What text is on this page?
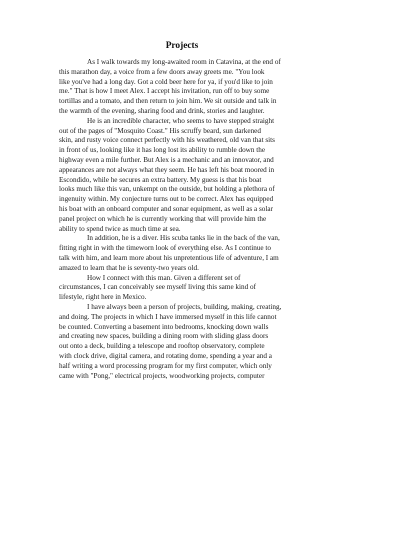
Projects
As I walk towards my long-awaited room in Catavina, at the end of
this marathon day, a voice from a few doors away greets me. "You look
like you've had a long day. Got a cold beer here for ya, if you'd like to join
me." That is how I meet Alex. I accept his invitation, run off to buy some
tortillas and a tomato, and then return to join him. We sit outside and talk in
the warmth of the evening, sharing food and drink, stories and laughter.
He is an incredible character, who seems to have stepped straight
out of the pages of "Mosquito Coast." His scruffy beard, sun darkened
skin, and rusty voice connect perfectly with his weathered, old van that sits
in front of us, looking like it has long lost its ability to rumble down the
highway even a mile further. But Alex is a mechanic and an innovator, and
appearances are not always what they seem. He has left his boat moored in
Escondido, while he secures an extra battery. My guess is that his boat
looks much like this van, unkempt on the outside, but holding a plethora of
ingenuity within. My conjecture turns out to be correct. Alex has equipped
his boat with an onboard computer and sonar equipment, as well as a solar
panel project on which he is currently working that will provide him the
ability to spend twice as much time at sea.
In addition, he is a diver. His scuba tanks lie in the back of the van,
fitting right in with the timeworn look of everything else. As I continue to
talk with him, and learn more about his unpretentious life of adventure, I am
amazed to learn that he is seventy-two years old.
How I connect with this man. Given a different set of
circumstances, I can conceivably see myself living this same kind of
lifestyle, right here in Mexico.
I have always been a person of projects, building, making, creating,
and doing. The projects in which I have immersed myself in this life cannot
be counted. Converting a basement into bedrooms, knocking down walls
and creating new spaces, building a dining room with sliding glass doors
out onto a deck, building a telescope and rooftop observatory, complete
with clock drive, digital camera, and rotating dome, spending a year and a
half writing a word processing program for my first computer, which only
came with "Pong," electrical projects, woodworking projects, computer
